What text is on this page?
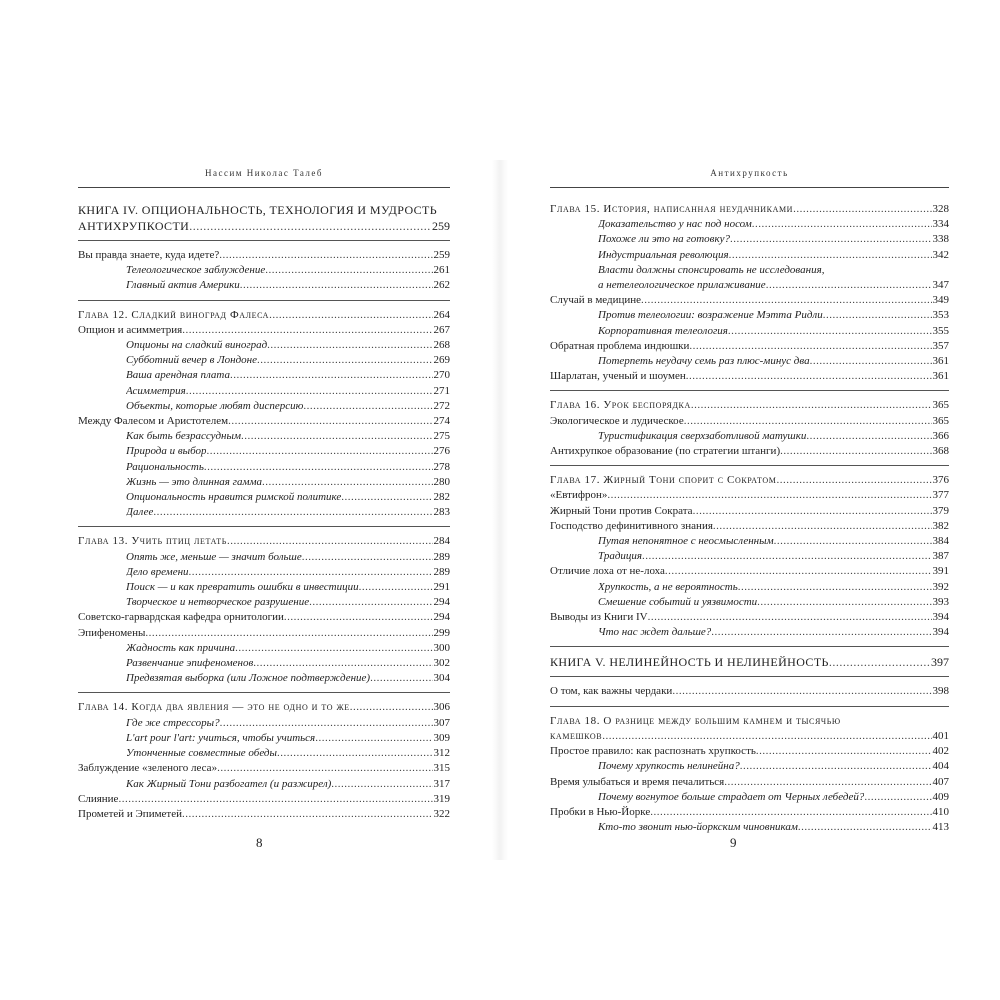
Нассим Николас Талеб
КНИГА IV. ОПЦИОНАЛЬНОСТЬ, ТЕХНОЛОГИЯ И МУДРОСТЬ
АНТИХРУПКОСТИ .....	259
Вы правда знаете, куда идете? .....	259
Телеологическое заблуждение .....	261
Главный актив Америки .....	262
Глава 12. Сладкий виноград Фалеса .....	264
Опцион и асимметрия .....	267
Опционы на сладкий виноград .....	268
Субботний вечер в Лондоне .....	269
Ваша арендная плата .....	270
Асимметрия .....	271
Объекты, которые любят дисперсию .....	272
Между Фалесом и Аристотелем .....	274
Как быть безрассудным .....	275
Природа и выбор .....	276
Рациональность .....	278
Жизнь — это длинная гамма .....	280
Опциональность нравится римской политике .....	282
Далее .....	283
Глава 13. Учить птиц летать .....	284
Опять же, меньше — значит больше .....	289
Дело времени .....	289
Поиск — и как превратить ошибки в инвестиции .....	291
Творческое и нетворческое разрушение .....	294
Советско-гарвардская кафедра орнитологии .....	294
Эпифеномены .....	299
Жадность как причина .....	300
Развенчание эпифеноменов .....	302
Предвзятая выборка (или Ложное подтверждение) .....	304
Глава 14. Когда два явления — это не одно и то же .....	306
Где же стрессоры? .....	307
L'art pour l'art: учиться, чтобы учиться .....	309
Утонченные совместные обеды .....	312
Заблуждение «зеленого леса» .....	315
Как Жирный Тони разбогател (и разжирел) .....	317
Слияние .....	319
Прометей и Эпиметей .....	322
8
Антихрупкость
Глава 15. История, написанная неудачниками .....	328
Доказательство у нас под носом .....	334
Похоже ли это на готовку? .....	338
Индустриальная революция .....	342
Власти должны спонсировать не исследования,
а нетелеологическое прилаживание .....	347
Случай в медицине .....	349
Против телеологии: возражение Мэтта Ридли .....	353
Корпоративная телеология .....	355
Обратная проблема индюшки .....	357
Потерпеть неудачу семь раз плюс-минус два .....	361
Шарлатан, ученый и шоумен .....	361
Глава 16. Урок беспорядка .....	365
Экологическое и лудическое .....	365
Туристификация сверхзаботливой матушки .....	366
Антихрупкое образование (по стратегии штанги) .....	368
Глава 17. Жирный Тони спорит с Сократом .....	376
«Евтифрон» .....	377
Жирный Тони против Сократа .....	379
Господство дефинитивного знания .....	382
Путая непонятное с неосмысленным .....	384
Традиция .....	387
Отличие лоха от не-лоха .....	391
Хрупкость, а не вероятность .....	392
Смешение событий и уязвимости .....	393
Выводы из Книги IV .....	394
Что нас ждет дальше? .....	394
КНИГА V. НЕЛИНЕЙНОСТЬ И НЕЛИНЕЙНОСТЬ .....	397
О том, как важны чердаки .....	398
Глава 18. О разнице между большим камнем и тысячью
камешков .....	401
Простое правило: как распознать хрупкость .....	402
Почему хрупкость нелинейна? .....	404
Время улыбаться и время печалиться .....	407
Почему вогнутое больше страдает от Черных лебедей? .....	409
Пробки в Нью-Йорке .....	410
Кто-то звонит нью-йоркским чиновникам .....	413
9
